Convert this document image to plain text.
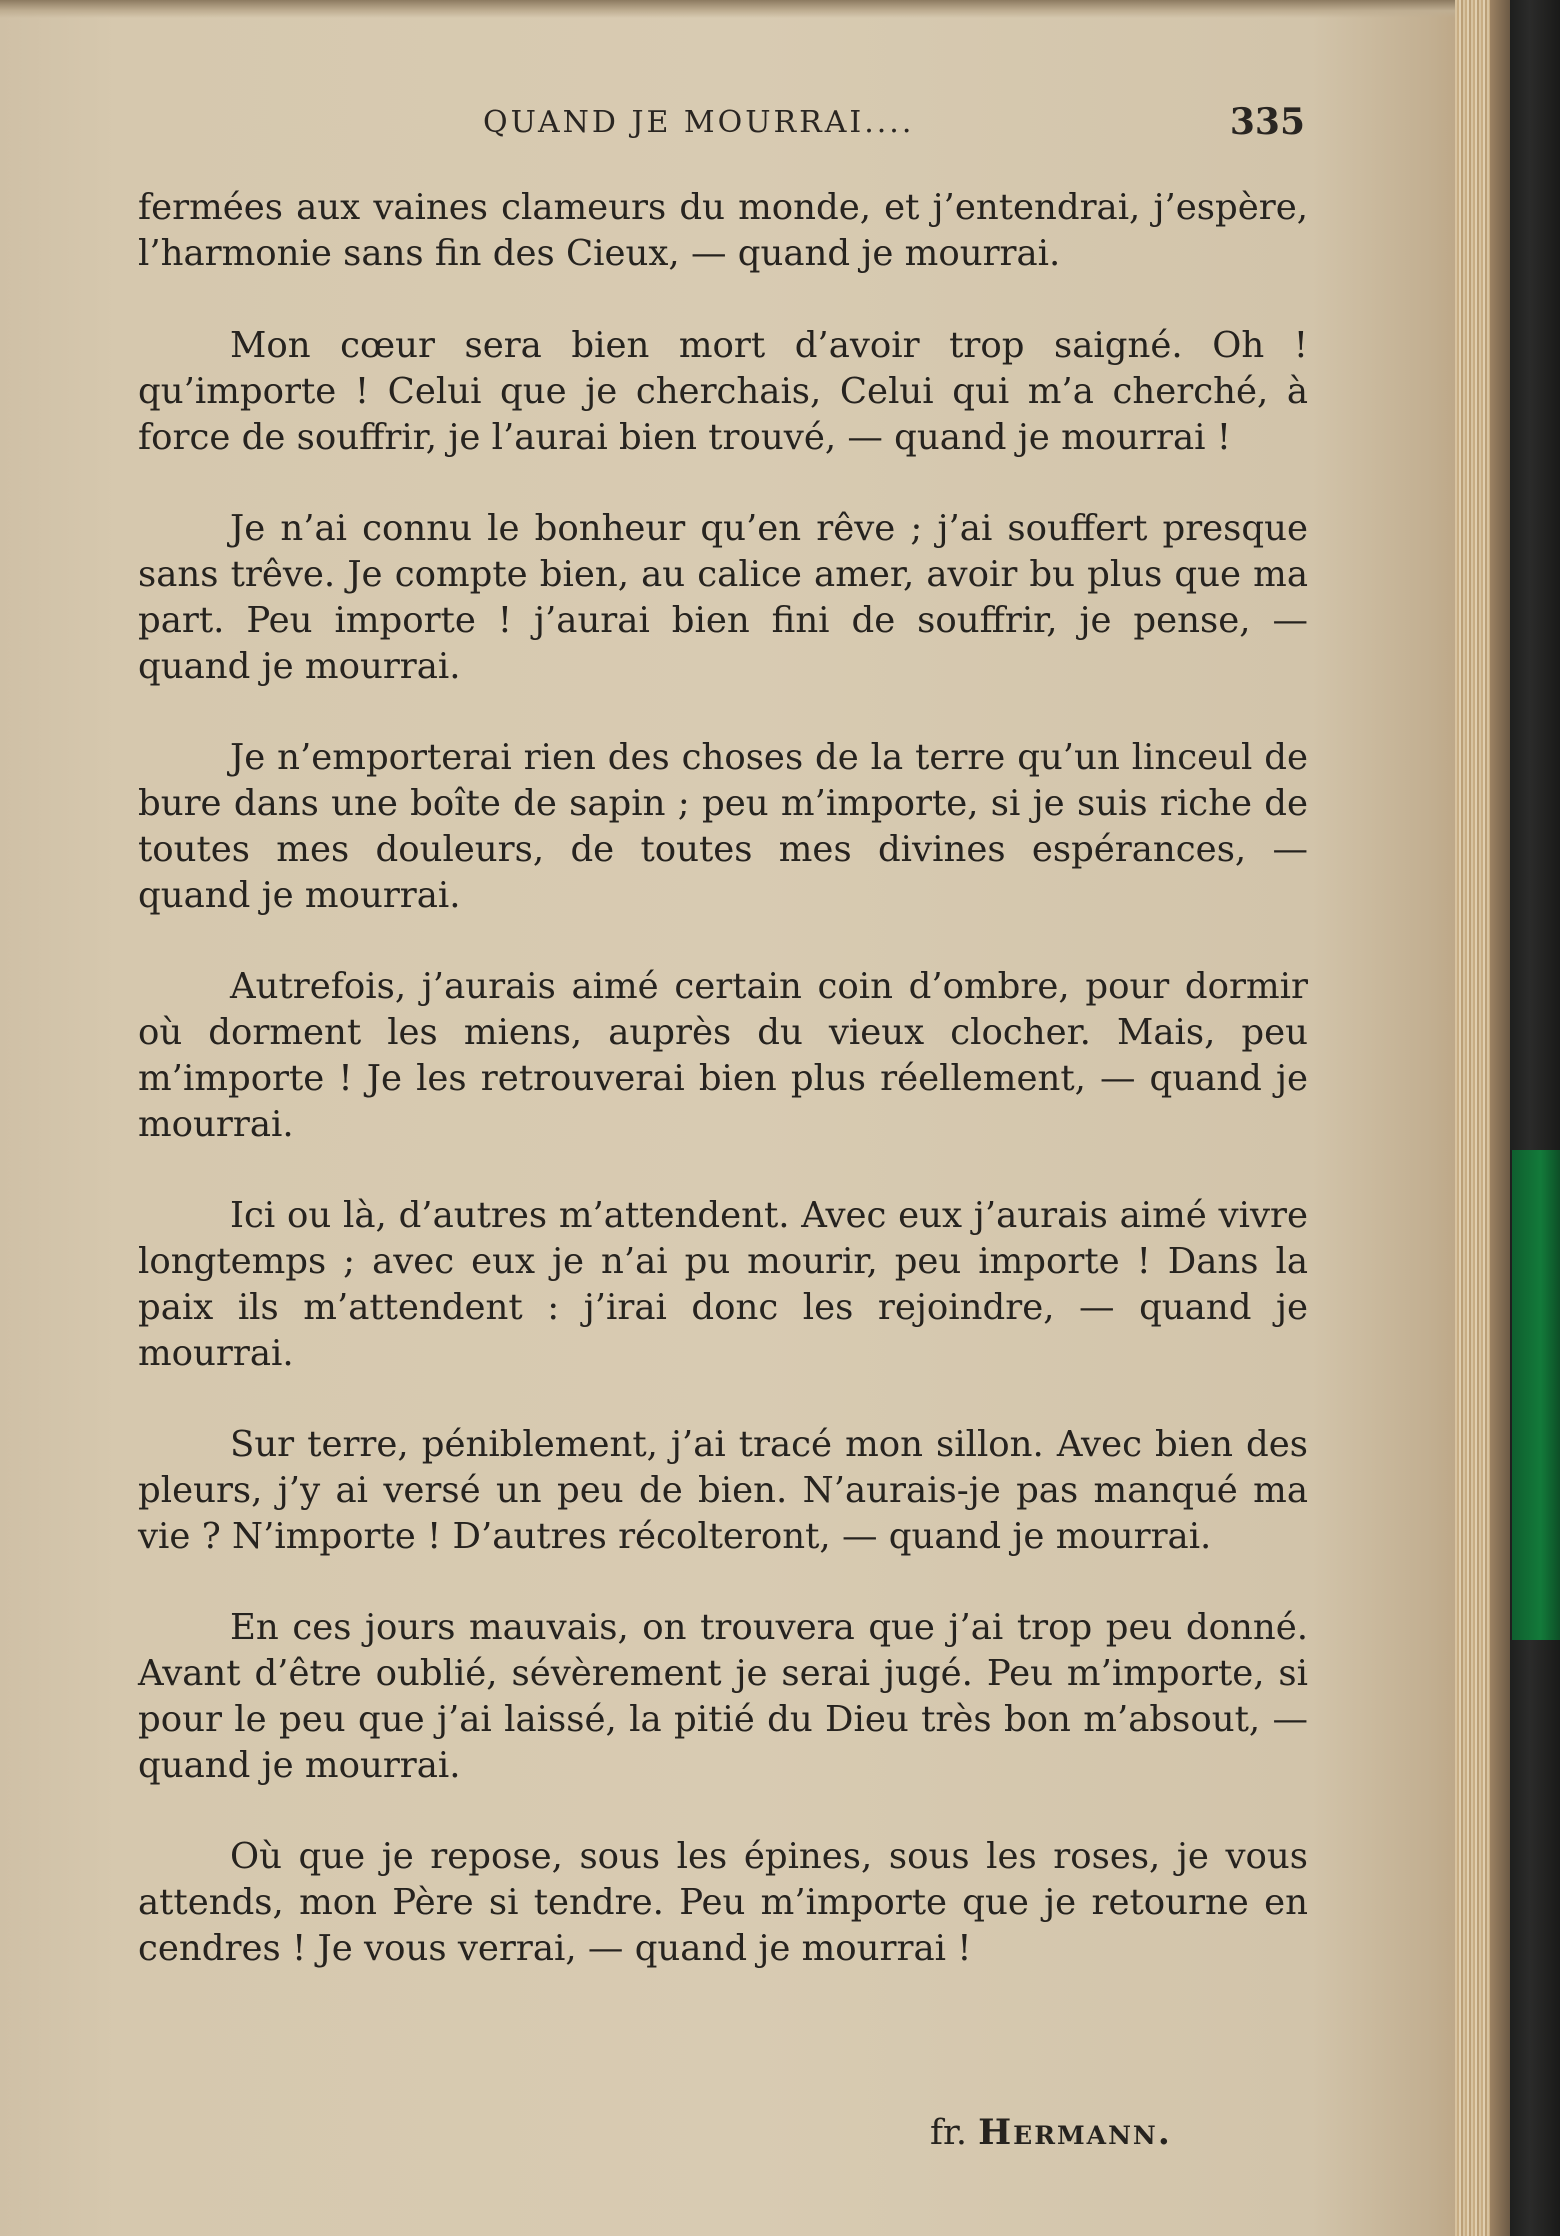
QUAND JE MOURRAI....	335

fermées aux vaines clameurs du monde, et j’entendrai, j’espère, l’harmonie sans fin des Cieux, — quand je mourrai.

Mon cœur sera bien mort d’avoir trop saigné. Oh ! qu’importe ! Celui que je cherchais, Celui qui m’a cherché, à force de souffrir, je l’aurai bien trouvé, — quand je mourrai !

Je n’ai connu le bonheur qu’en rêve ; j’ai souffert presque sans trêve. Je compte bien, au calice amer, avoir bu plus que ma part. Peu importe ! j’aurai bien fini de souffrir, je pense, — quand je mourrai.

Je n’emporterai rien des choses de la terre qu’un linceul de bure dans une boîte de sapin ; peu m’importe, si je suis riche de toutes mes douleurs, de toutes mes divines espérances, — quand je mourrai.

Autrefois, j’aurais aimé certain coin d’ombre, pour dormir où dorment les miens, auprès du vieux clocher. Mais, peu m’importe ! Je les retrouverai bien plus réellement, — quand je mourrai.

Ici ou là, d’autres m’attendent. Avec eux j’aurais aimé vivre longtemps ; avec eux je n’ai pu mourir, peu importe ! Dans la paix ils m’attendent : j’irai donc les rejoindre, — quand je mourrai.

Sur terre, péniblement, j’ai tracé mon sillon. Avec bien des pleurs, j’y ai versé un peu de bien. N’aurais-je pas manqué ma vie ? N’importe ! D’autres récolteront, — quand je mourrai.

En ces jours mauvais, on trouvera que j’ai trop peu donné. Avant d’être oublié, sévèrement je serai jugé. Peu m’importe, si pour le peu que j’ai laissé, la pitié du Dieu très bon m’absout, — quand je mourrai.

Où que je repose, sous les épines, sous les roses, je vous attends, mon Père si tendre. Peu m’importe que je retourne en cendres ! Je vous verrai, — quand je mourrai !

fr. Hermann.
